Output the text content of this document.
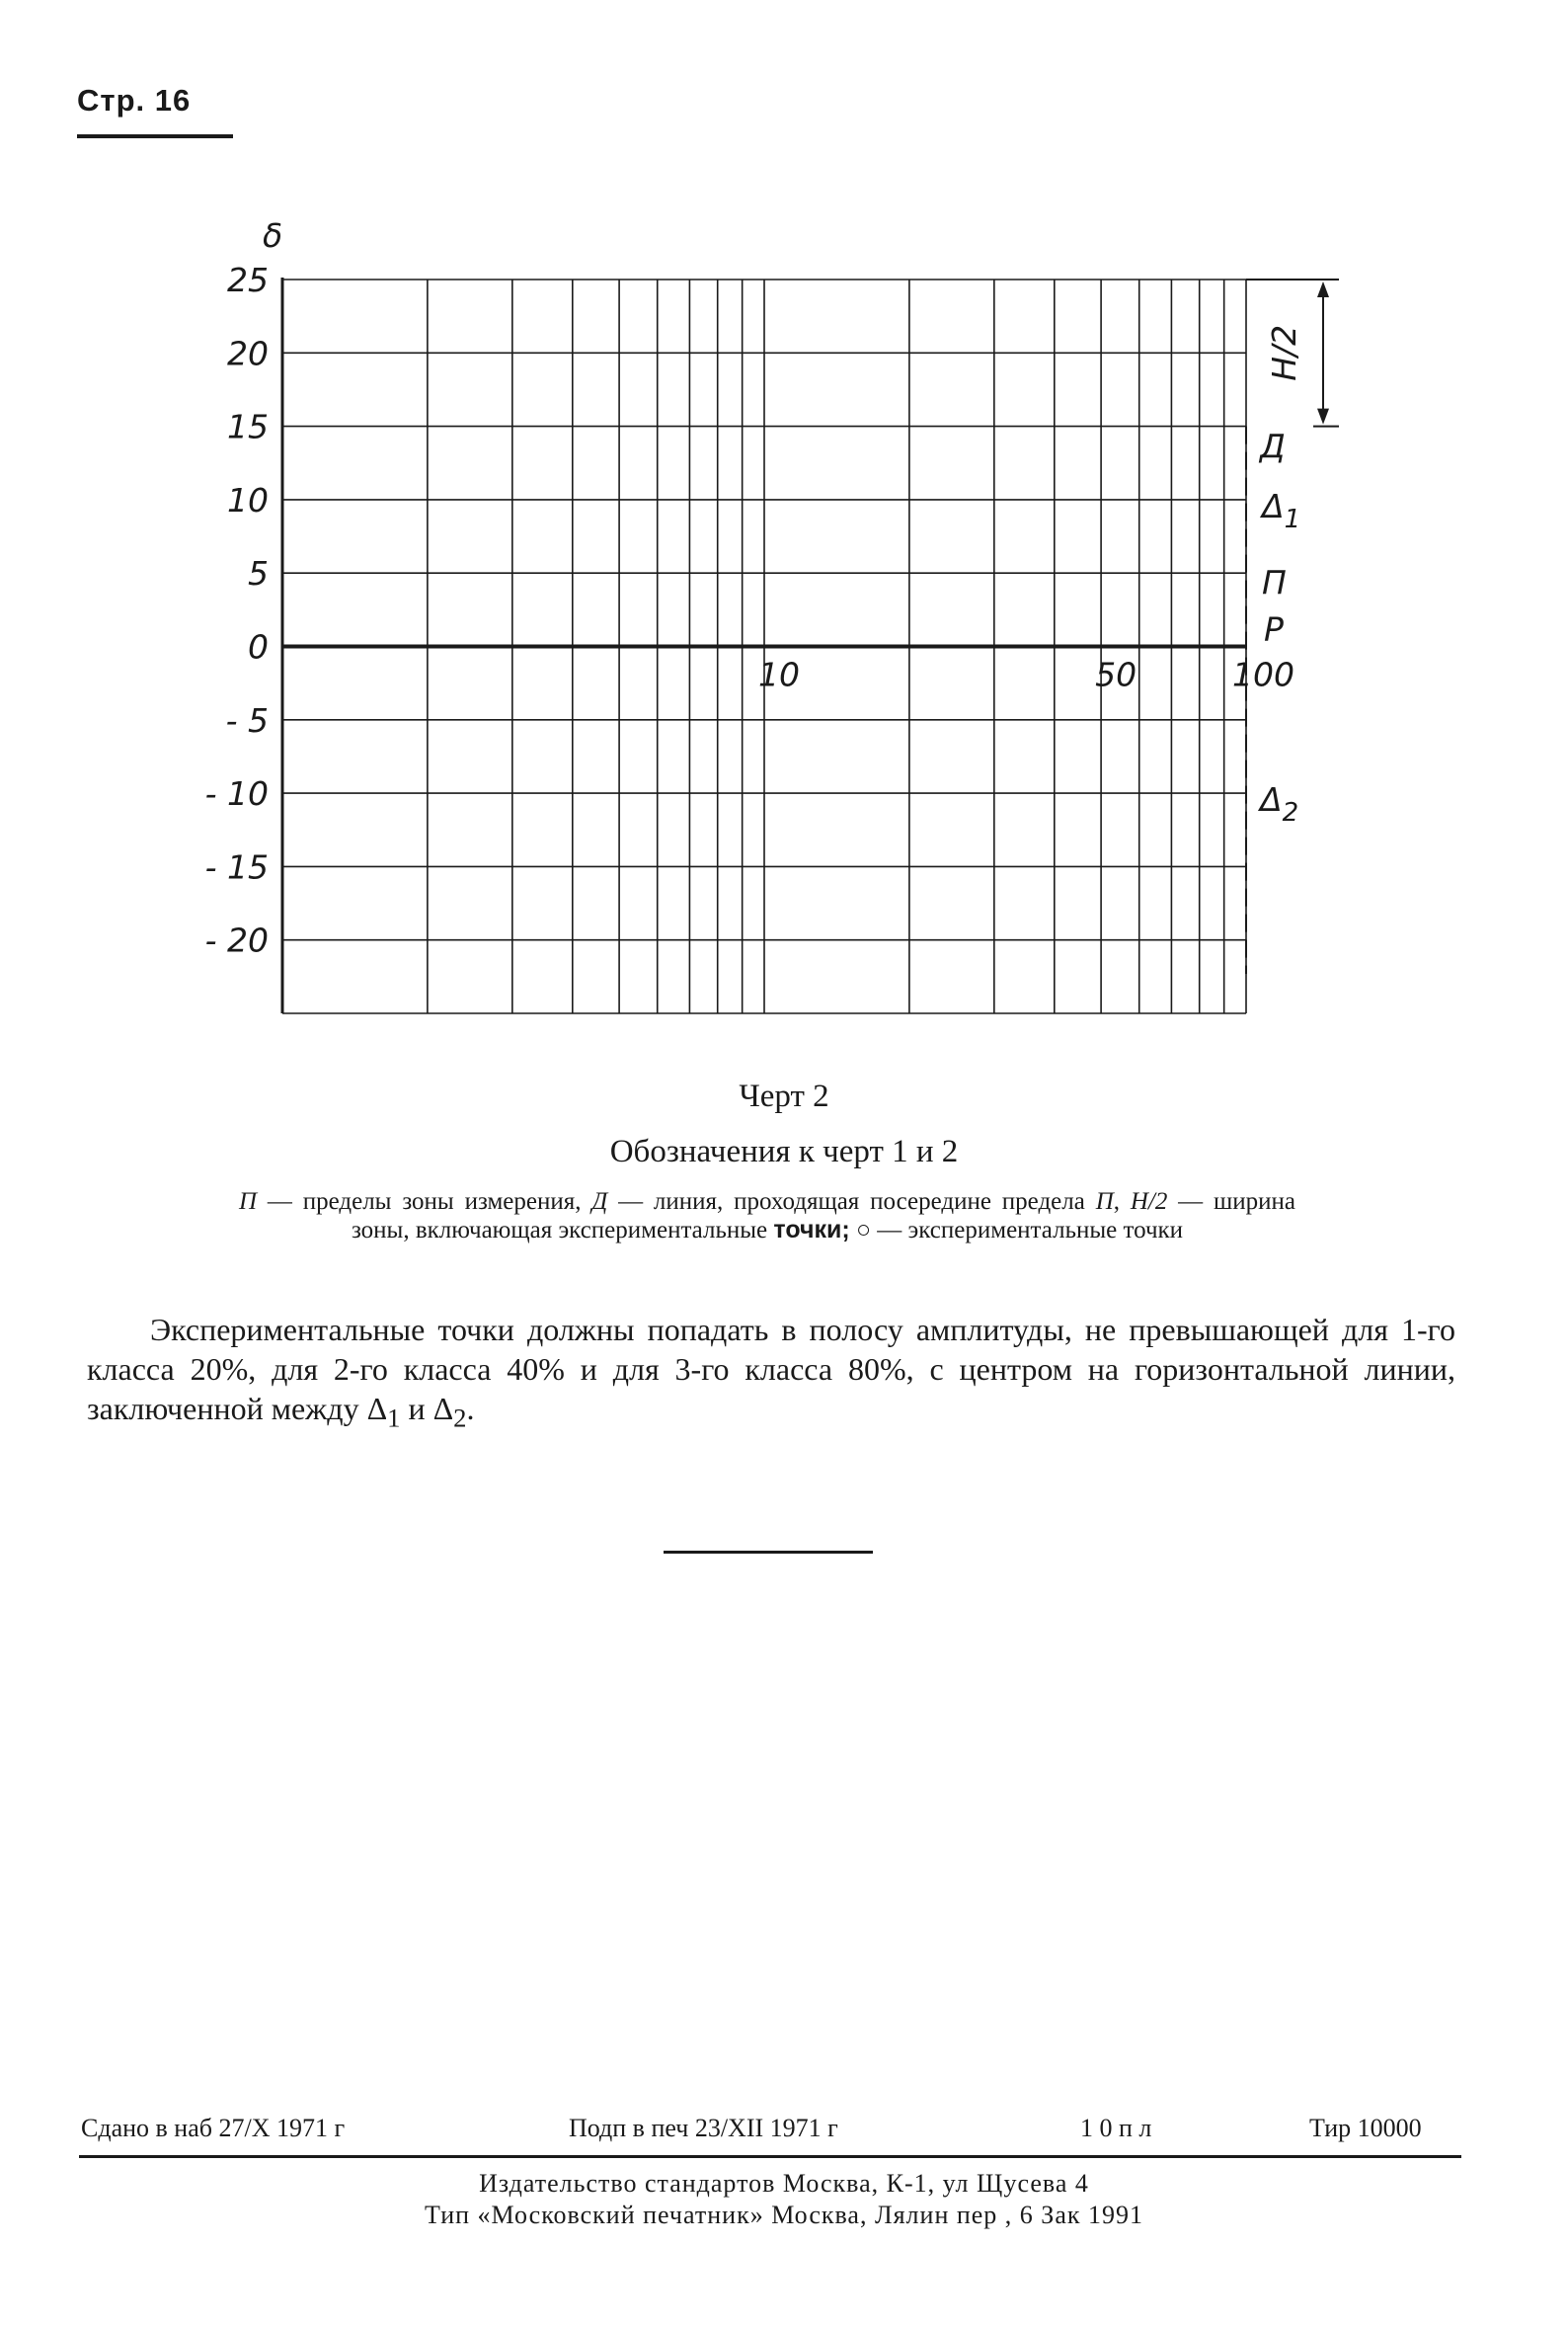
Стр. 16
25
20
15
10
5
0
- 5
- 10
- 15
- 20
10	50	100
δ
H/2
Д
$\Delta_1$
П
Р
$\Delta_2$
Черт 2
Обозначения к черт 1 и 2
П — пределы зоны измерения, Д — линия, проходящая посередине предела П, H/2 — ширина зоны, включающая экспериментальные точки; ○ — экспериментальные точки
Экспериментальные точки должны попадать в полосу амплитуды, не превышающей для 1-го класса 20%, для 2-го класса 40% и для 3-го класса 80%, с центром на горизонтальной линии, заключенной между $\Delta_1$ и $\Delta_2$.
Сдано в наб 27/X 1971 г	Подп в печ 23/XII 1971 г	1 0 п л	Тир 10000
Издательство стандартов Москва, К-1, ул Щусева 4
Тип «Московский печатник» Москва, Лялин пер , 6 Зак 1991
